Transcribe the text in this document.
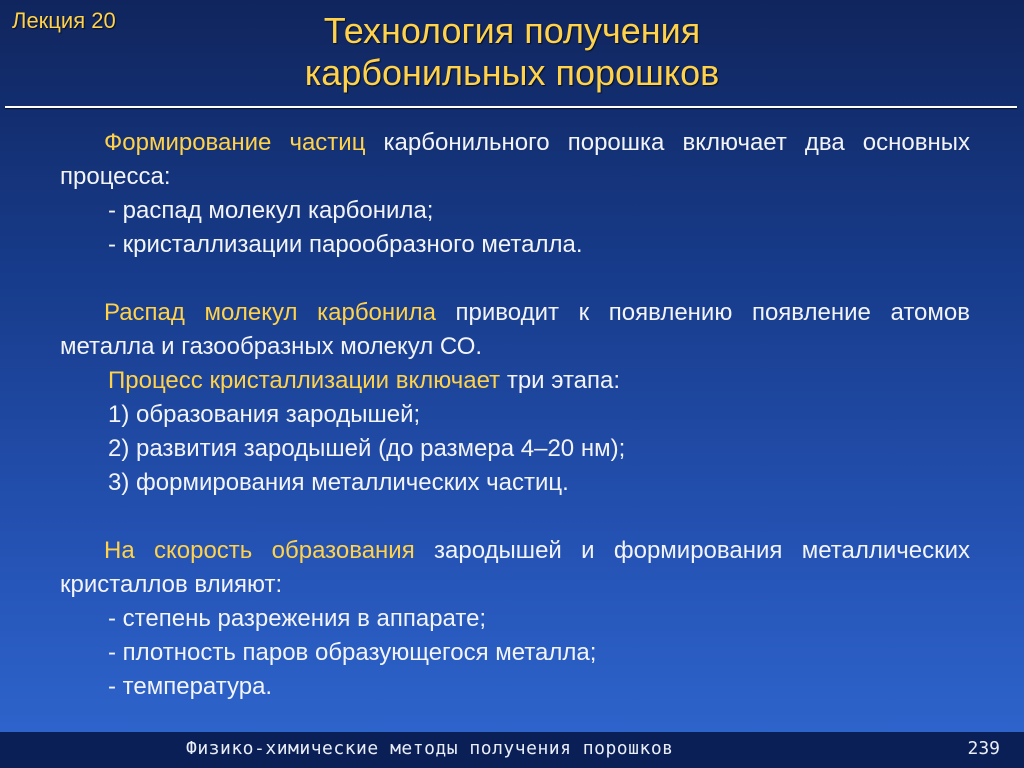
Лекция 20	Технология получения
карбонильных порошков

Формирование частиц карбонильного порошка включает два основных процесса:

- распад молекул карбонила;

- кристаллизации парообразного металла.

Распад молекул карбонила приводит к появлению появление атомов металла и газообразных молекул СО.

Процесс кристаллизации включает три этапа:

1) образования зародышей;

2) развития зародышей (до размера 4–20 нм);

3) формирования металлических частиц.

На скорость образования зародышей и формирования металлических кристаллов влияют:

- степень разрежения в аппарате;

- плотность паров образующегося металла;

- температура.

Физико-химические методы получения порошков	239
